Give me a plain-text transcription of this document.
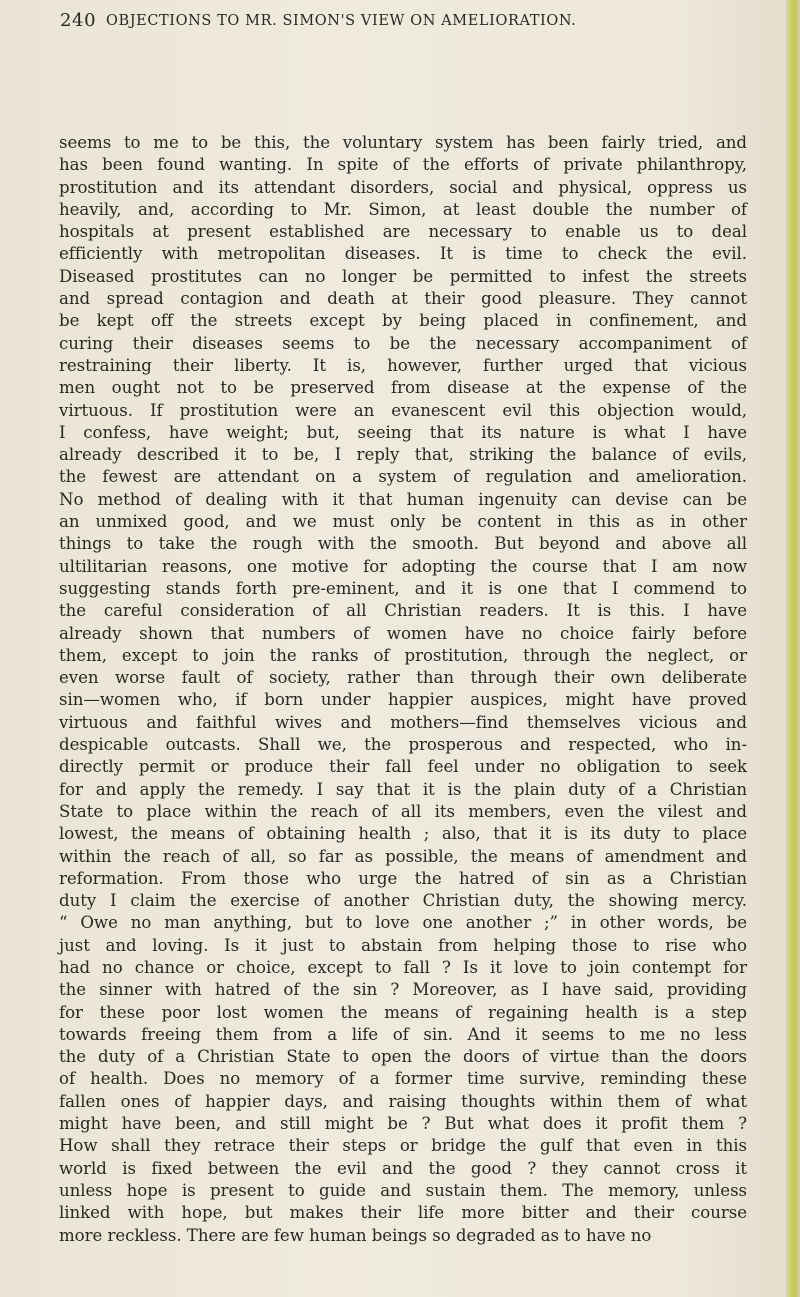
240 OBJECTIONS TO MR. SIMON'S VIEW ON AMELIORATION.
seems to me to be this, the voluntary system has been fairly tried, and
has been found wanting. In spite of the efforts of private philanthropy,
prostitution and its attendant disorders, social and physical, oppress us
heavily, and, according to Mr. Simon, at least double the number of
hospitals at present established are necessary to enable us to deal
efficiently with metropolitan diseases. It is time to check the evil.
Diseased prostitutes can no longer be permitted to infest the streets
and spread contagion and death at their good pleasure. They cannot
be kept off the streets except by being placed in confinement, and
curing their diseases seems to be the necessary accompaniment of
restraining their liberty. It is, however, further urged that vicious
men ought not to be preserved from disease at the expense of the
virtuous. If prostitution were an evanescent evil this objection would,
I confess, have weight; but, seeing that its nature is what I have
already described it to be, I reply that, striking the balance of evils,
the fewest are attendant on a system of regulation and amelioration.
No method of dealing with it that human ingenuity can devise can be
an unmixed good, and we must only be content in this as in other
things to take the rough with the smooth. But beyond and above all
ultilitarian reasons, one motive for adopting the course that I am now
suggesting stands forth pre-eminent, and it is one that I commend to
the careful consideration of all Christian readers. It is this. I have
already shown that numbers of women have no choice fairly before
them, except to join the ranks of prostitution, through the neglect, or
even worse fault of society, rather than through their own deliberate
sin—women who, if born under happier auspices, might have proved
virtuous and faithful wives and mothers—find themselves vicious and
despicable outcasts. Shall we, the prosperous and respected, who in-
directly permit or produce their fall feel under no obligation to seek
for and apply the remedy. I say that it is the plain duty of a Christian
State to place within the reach of all its members, even the vilest and
lowest, the means of obtaining health ; also, that it is its duty to place
within the reach of all, so far as possible, the means of amendment and
reformation. From those who urge the hatred of sin as a Christian
duty I claim the exercise of another Christian duty, the showing mercy.
“ Owe no man anything, but to love one another ;” in other words, be
just and loving. Is it just to abstain from helping those to rise who
had no chance or choice, except to fall ? Is it love to join contempt for
the sinner with hatred of the sin ? Moreover, as I have said, providing
for these poor lost women the means of regaining health is a step
towards freeing them from a life of sin. And it seems to me no less
the duty of a Christian State to open the doors of virtue than the doors
of health. Does no memory of a former time survive, reminding these
fallen ones of happier days, and raising thoughts within them of what
might have been, and still might be ? But what does it profit them ?
How shall they retrace their steps or bridge the gulf that even in this
world is fixed between the evil and the good ? they cannot cross it
unless hope is present to guide and sustain them. The memory, unless
linked with hope, but makes their life more bitter and their course
more reckless. There are few human beings so degraded as to have no
